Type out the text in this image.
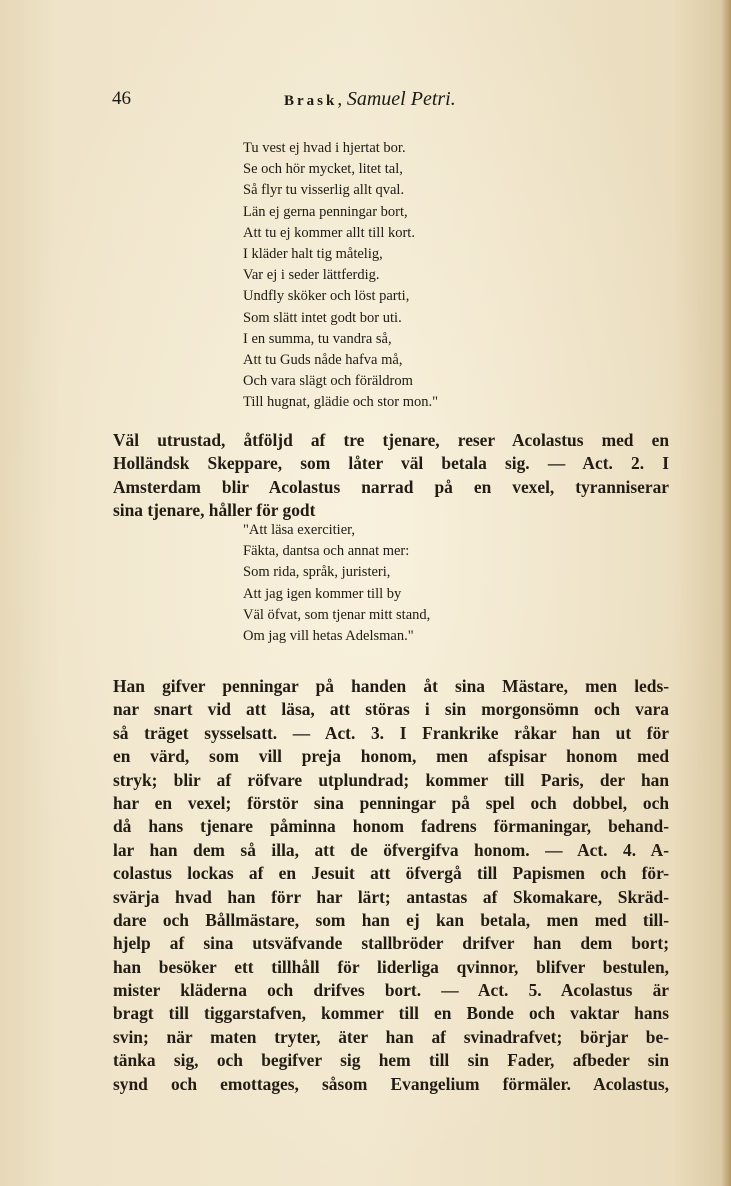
46	Brask, Samuel Petri.
Tu vest ej hvad i hjertat bor.
Se och hör mycket, litet tal,
Så flyr tu visserlig allt qval.
Län ej gerna penningar bort,
Att tu ej kommer allt till kort.
I kläder halt tig måtelig,
Var ej i seder lättferdig.
Undfly sköker och löst parti,
Som slätt intet godt bor uti.
I en summa, tu vandra så,
Att tu Guds nåde hafva må,
Och vara slägt och föräldrom
Till hugnat, glädie och stor mon."
Väl utrustad, åtföljd af tre tjenare, reser Acolastus med en
Holländsk Skeppare, som låter väl betala sig. — Act. 2. I
Amsterdam blir Acolastus narrad på en vexel, tyranniserar
sina tjenare, håller för godt
"Att läsa exercitier,
Fäkta, dantsa och annat mer:
Som rida, språk, juristeri,
Att jag igen kommer till by
Väl öfvat, som tjenar mitt stand,
Om jag vill hetas Adelsman."
Han gifver penningar på handen åt sina Mästare, men leds-
nar snart vid att läsa, att störas i sin morgonsömn och vara
så träget sysselsatt. — Act. 3. I Frankrike råkar han ut för
en värd, som vill preja honom, men afspisar honom med
stryk; blir af röfvare utplundrad; kommer till Paris, der han
har en vexel; förstör sina penningar på spel och dobbel, och
då hans tjenare påminna honom fadrens förmaningar, behand-
lar han dem så illa, att de öfvergifva honom. — Act. 4. A-
colastus lockas af en Jesuit att öfvergå till Papismen och för-
svärja hvad han förr har lärt; antastas af Skomakare, Skräd-
dare och Bållmästare, som han ej kan betala, men med till-
hjelp af sina utsväfvande stallbröder drifver han dem bort;
han besöker ett tillhåll för liderliga qvinnor, blifver bestulen,
mister kläderna och drifves bort. — Act. 5. Acolastus är
bragt till tiggarstafven, kommer till en Bonde och vaktar hans
svin; när maten tryter, äter han af svinadrafvet; börjar be-
tänka sig, och begifver sig hem till sin Fader, afbeder sin
synd och emottages, såsom Evangelium förmäler. Acolastus,
